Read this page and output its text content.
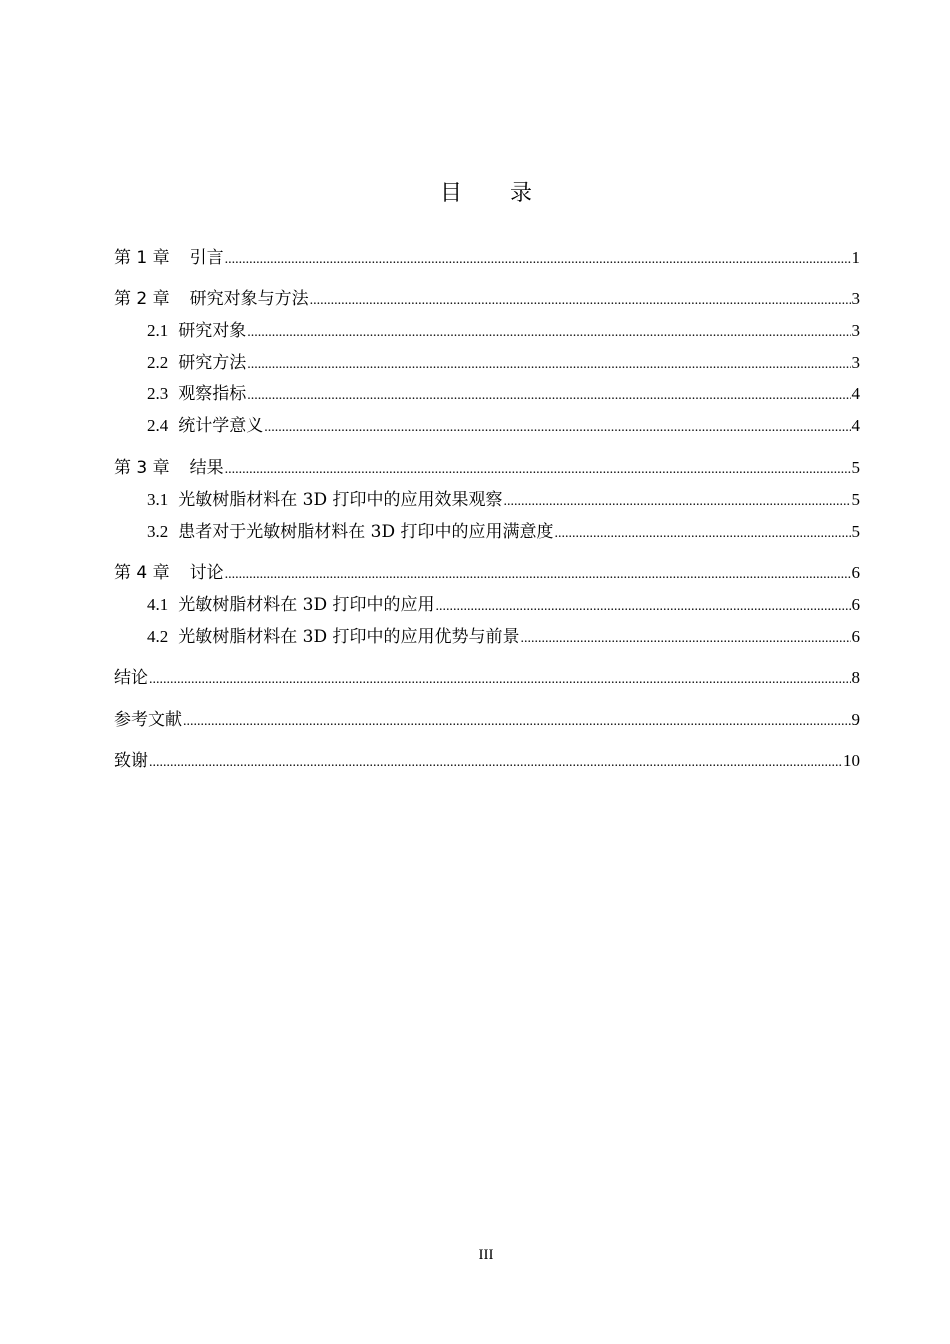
目 录
第 1 章 引言 .....	1
第 2 章 研究对象与方法 .....	3
2.1 研究对象 .....	3
2.2 研究方法 .....	3
2.3 观察指标 .....	4
2.4 统计学意义 .....	4
第 3 章 结果 .....	5
3.1 光敏树脂材料在 3D 打印中的应用效果观察 .....	5
3.2 患者对于光敏树脂材料在 3D 打印中的应用满意度 .....	5
第 4 章 讨论 .....	6
4.1 光敏树脂材料在 3D 打印中的应用 .....	6
4.2 光敏树脂材料在 3D 打印中的应用优势与前景 .....	6
结论 .....	8
参考文献 .....	9
致谢 .....	10
III
